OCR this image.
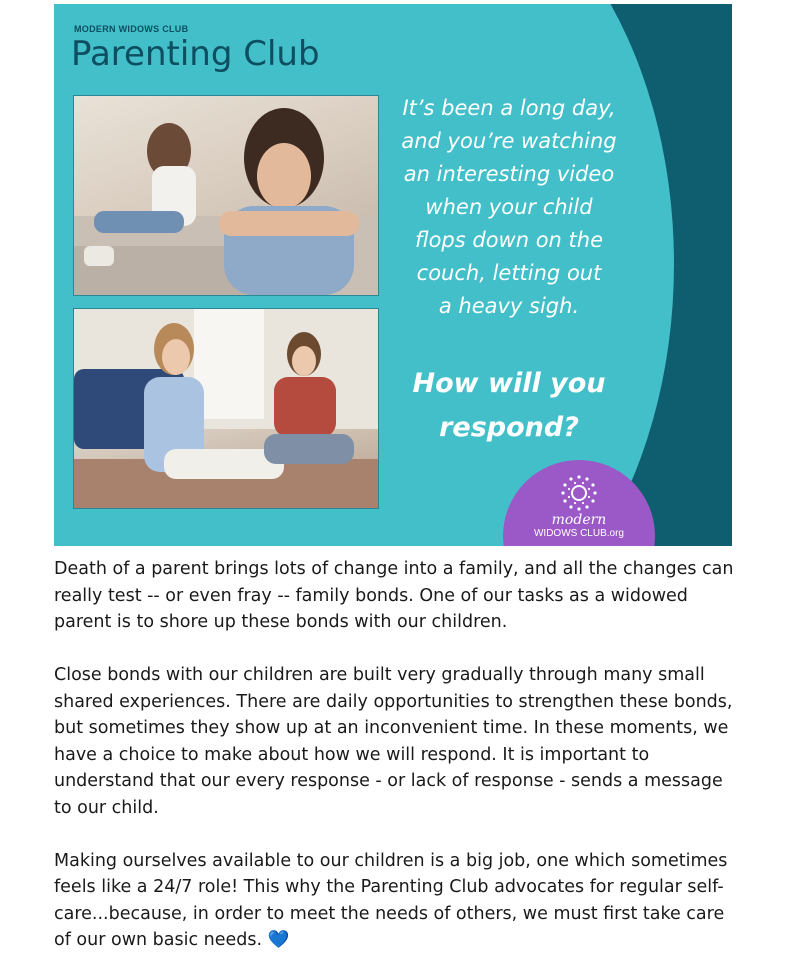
MODERN WIDOWS CLUB
Parenting Club
It’s been a long day,
and you’re watching
an interesting video
when your child
flops down on the
couch, letting out
a heavy sigh.
How will you
respond?
modern
WIDOWS CLUB.org

Death of a parent brings lots of change into a family, and all the changes can really test -- or even fray -- family bonds. One of our tasks as a widowed parent is to shore up these bonds with our children.

Close bonds with our children are built very gradually through many small shared experiences. There are daily opportunities to strengthen these bonds, but sometimes they show up at an inconvenient time. In these moments, we have a choice to make about how we will respond. It is important to understand that our every response - or lack of response - sends a message to our child.

Making ourselves available to our children is a big job, one which sometimes feels like a 24/7 role! This why the Parenting Club advocates for regular self-care...because, in order to meet the needs of others, we must first take care of our own basic needs. 💙
